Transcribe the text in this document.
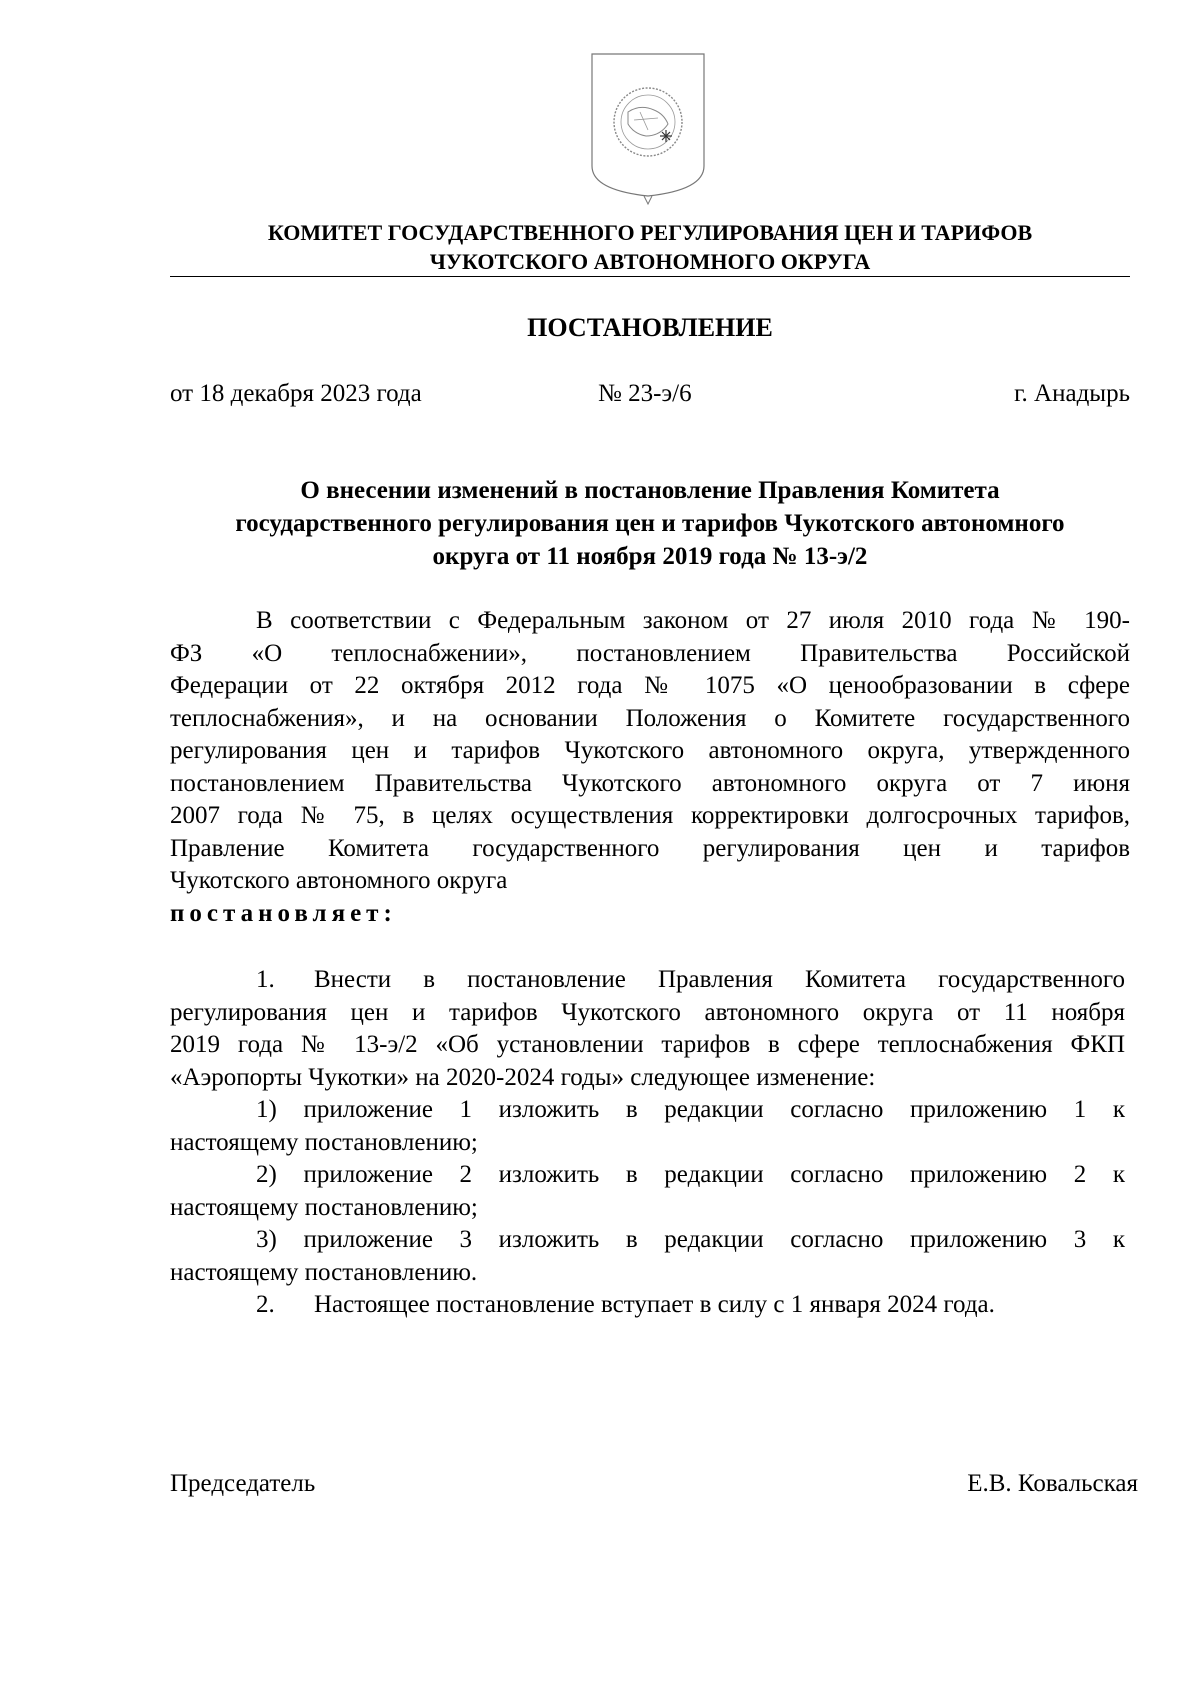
КОМИТЕТ ГОСУДАРСТВЕННОГО РЕГУЛИРОВАНИЯ ЦЕН И ТАРИФОВ
ЧУКОТСКОГО АВТОНОМНОГО ОКРУГА
ПОСТАНОВЛЕНИЕ
от 18 декабря 2023 года	№ 23-э/6	г. Анадырь
О внесении изменений в постановление Правления Комитета
государственного регулирования цен и тарифов Чукотского автономного
округа от 11 ноября 2019 года № 13-э/2
В соответствии с Федеральным законом от 27 июля 2010 года № 190-
ФЗ «О теплоснабжении», постановлением Правительства Российской
Федерации от 22 октября 2012 года № 1075 «О ценообразовании в сфере
теплоснабжения», и на основании Положения о Комитете государственного
регулирования цен и тарифов Чукотского автономного округа, утвержденного
постановлением Правительства Чукотского автономного округа от 7 июня
2007 года № 75, в целях осуществления корректировки долгосрочных тарифов,
Правление Комитета государственного регулирования цен и тарифов
Чукотского автономного округа
постановляет:
1. Внести в постановление Правления Комитета государственного
регулирования цен и тарифов Чукотского автономного округа от 11 ноября
2019 года № 13-э/2 «Об установлении тарифов в сфере теплоснабжения ФКП
«Аэропорты Чукотки» на 2020-2024 годы» следующее изменение:
1) приложение 1 изложить в редакции согласно приложению 1 к
настоящему постановлению;
2) приложение 2 изложить в редакции согласно приложению 2 к
настоящему постановлению;
3) приложение 3 изложить в редакции согласно приложению 3 к
настоящему постановлению.
2. Настоящее постановление вступает в силу с 1 января 2024 года.
Председатель	Е.В. Ковальская
